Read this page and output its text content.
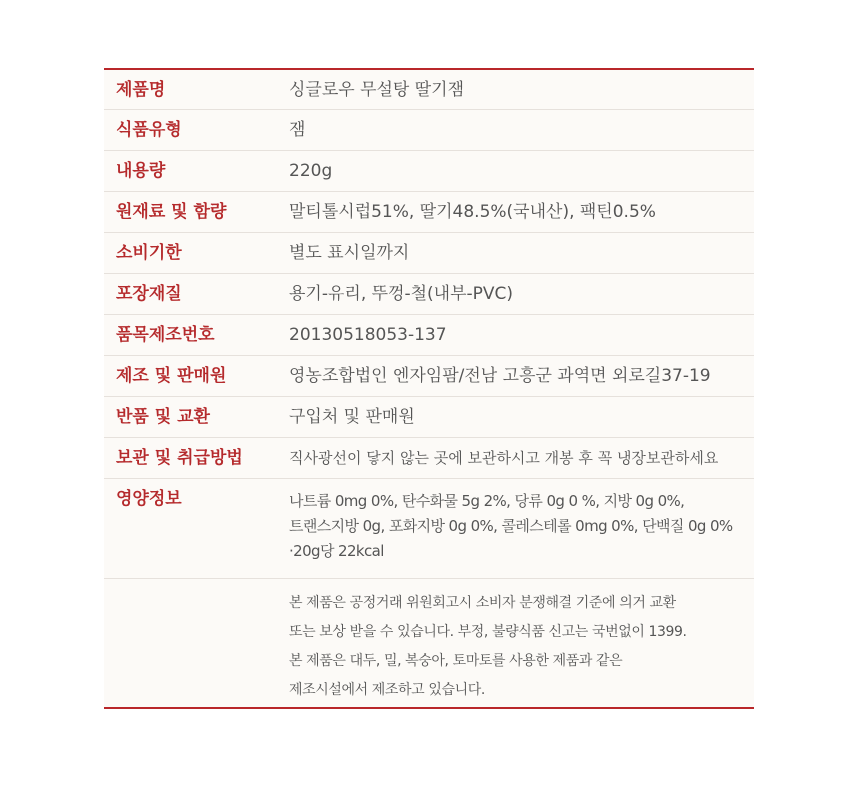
제품명	싱글로우 무설탕 딸기잼
식품유형	잼
내용량	220g
원재료 및 함량	말티톨시럽51%, 딸기48.5%(국내산), 팩틴0.5%
소비기한	별도 표시일까지
포장재질	용기-유리, 뚜껑-철(내부-PVC)
품목제조번호	20130518053-137
제조 및 판매원	영농조합법인 엔자임팜/전남 고흥군 과역면 외로길37-19
반품 및 교환	구입처 및 판매원
보관 및 취급방법	직사광선이 닿지 않는 곳에 보관하시고 개봉 후 꼭 냉장보관하세요
영양정보	나트륨 0mg 0%, 탄수화물 5g 2%, 당류 0g 0 %, 지방 0g 0%,
트랜스지방 0g, 포화지방 0g 0%, 콜레스테롤 0mg 0%, 단백질 0g 0%
·20g당 22kcal
본 제품은 공정거래 위원회고시 소비자 분쟁해결 기준에 의거 교환
또는 보상 받을 수 있습니다. 부정, 불량식품 신고는 국번없이 1399.
본 제품은 대두, 밀, 복숭아, 토마토를 사용한 제품과 같은
제조시설에서 제조하고 있습니다.
